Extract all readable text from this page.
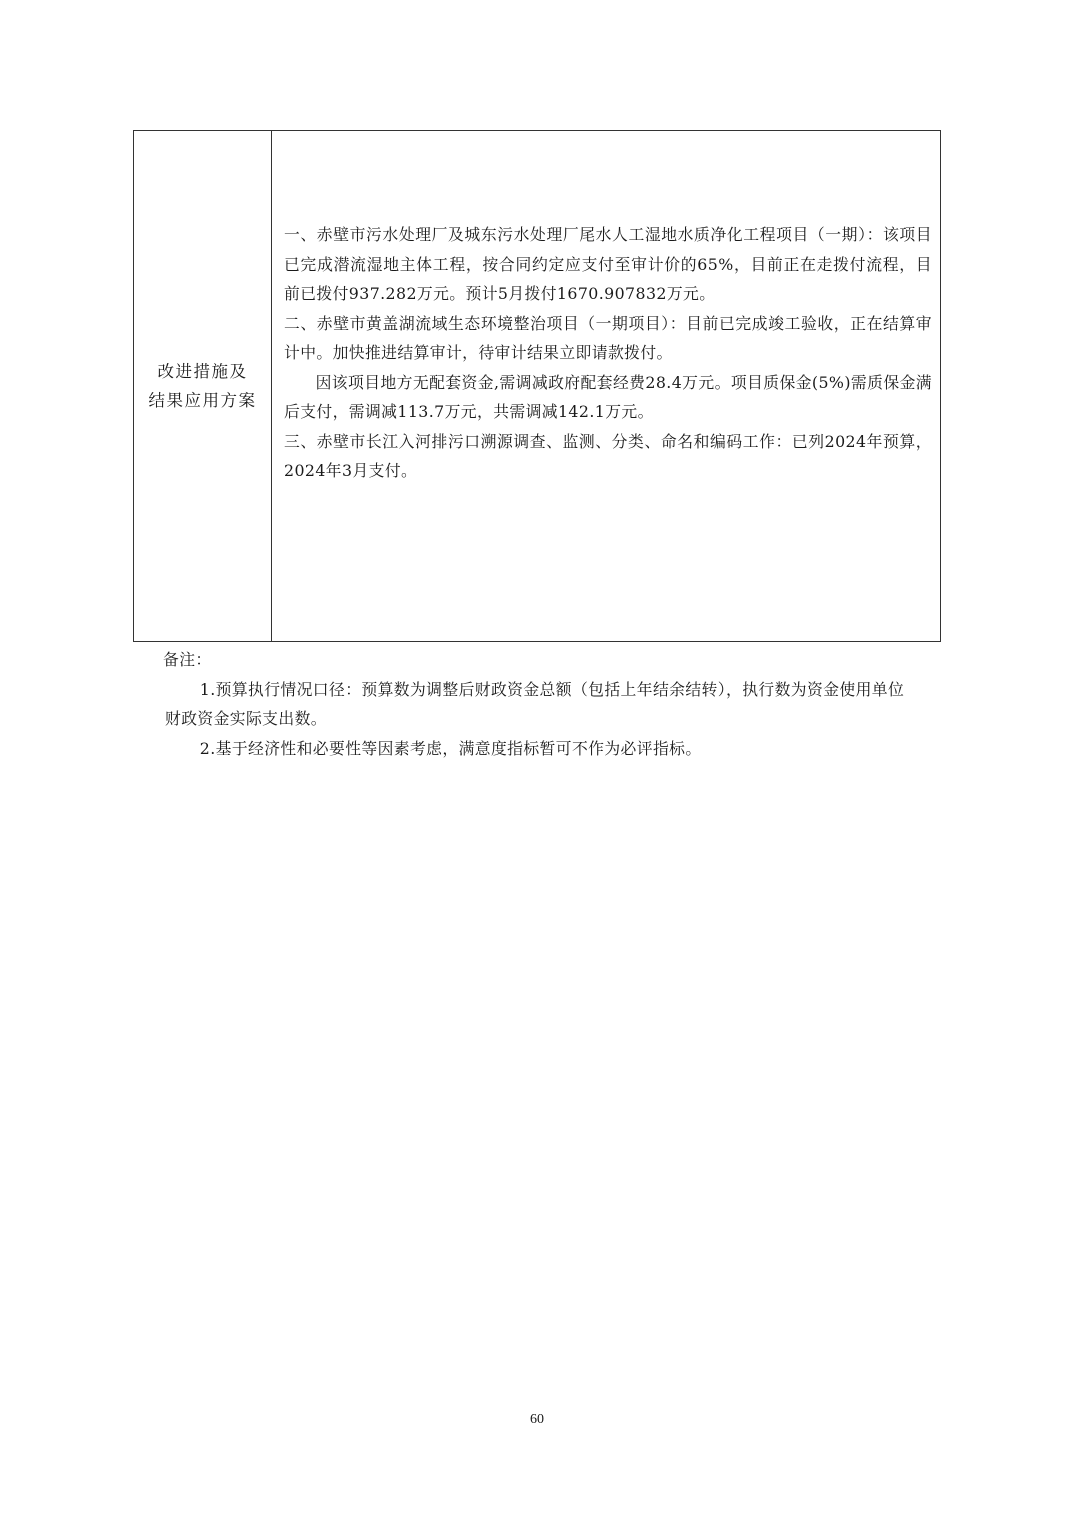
改进措施及
结果应用方案

一、赤壁市污水处理厂及城东污水处理厂尾水人工湿地水质净化工程项目（一期）：该项目已完成潜流湿地主体工程，按合同约定应支付至审计价的65%，目前正在走拨付流程，目前已拨付937.282万元。预计5月拨付1670.907832万元。

二、赤壁市黄盖湖流域生态环境整治项目（一期项目）：目前已完成竣工验收，正在结算审计中。加快推进结算审计，待审计结果立即请款拨付。

因该项目地方无配套资金,需调减政府配套经费28.4万元。项目质保金(5%)需质保金满后支付，需调减113.7万元，共需调减142.1万元。

三、赤壁市长江入河排污口溯源调查、监测、分类、命名和编码工作：已列2024年预算，2024年3月支付。

备注：

1.预算执行情况口径：预算数为调整后财政资金总额（包括上年结余结转），执行数为资金使用单位财政资金实际支出数。

2.基于经济性和必要性等因素考虑，满意度指标暂可不作为必评指标。

60
